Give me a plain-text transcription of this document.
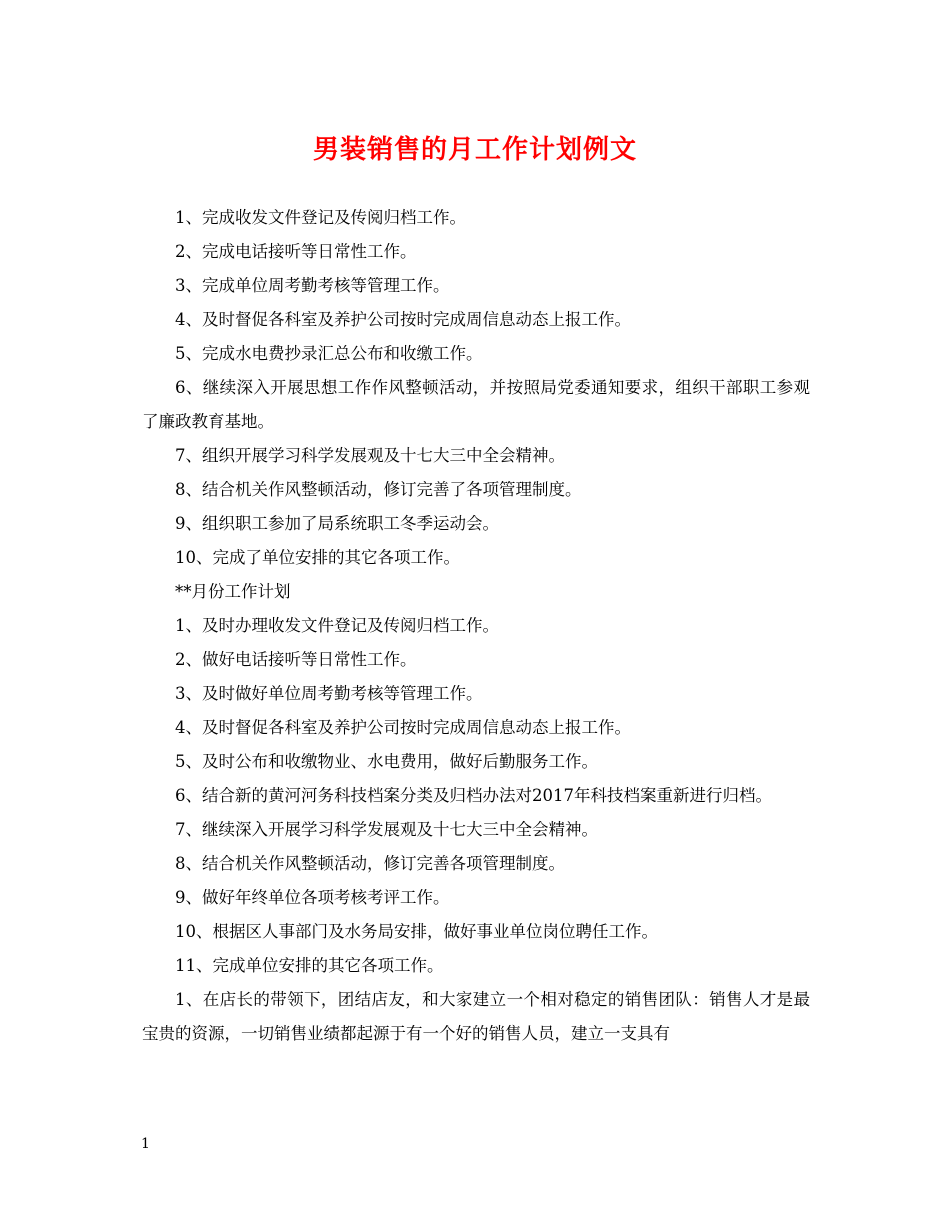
男装销售的月工作计划例文

1、完成收发文件登记及传阅归档工作。

2、完成电话接听等日常性工作。

3、完成单位周考勤考核等管理工作。

4、及时督促各科室及养护公司按时完成周信息动态上报工作。

5、完成水电费抄录汇总公布和收缴工作。

6、继续深入开展思想工作作风整顿活动，并按照局党委通知要求，组织干部职工参观了廉政教育基地。

7、组织开展学习科学发展观及十七大三中全会精神。

8、结合机关作风整顿活动，修订完善了各项管理制度。

9、组织职工参加了局系统职工冬季运动会。

10、完成了单位安排的其它各项工作。

**月份工作计划

1、及时办理收发文件登记及传阅归档工作。

2、做好电话接听等日常性工作。

3、及时做好单位周考勤考核等管理工作。

4、及时督促各科室及养护公司按时完成周信息动态上报工作。

5、及时公布和收缴物业、水电费用，做好后勤服务工作。

6、结合新的黄河河务科技档案分类及归档办法对2017年科技档案重新进行归档。

7、继续深入开展学习科学发展观及十七大三中全会精神。

8、结合机关作风整顿活动，修订完善各项管理制度。

9、做好年终单位各项考核考评工作。

10、根据区人事部门及水务局安排，做好事业单位岗位聘任工作。

11、完成单位安排的其它各项工作。

1、在店长的带领下，团结店友，和大家建立一个相对稳定的销售团队：销售人才是最宝贵的资源，一切销售业绩都起源于有一个好的销售人员，建立一支具有

1
